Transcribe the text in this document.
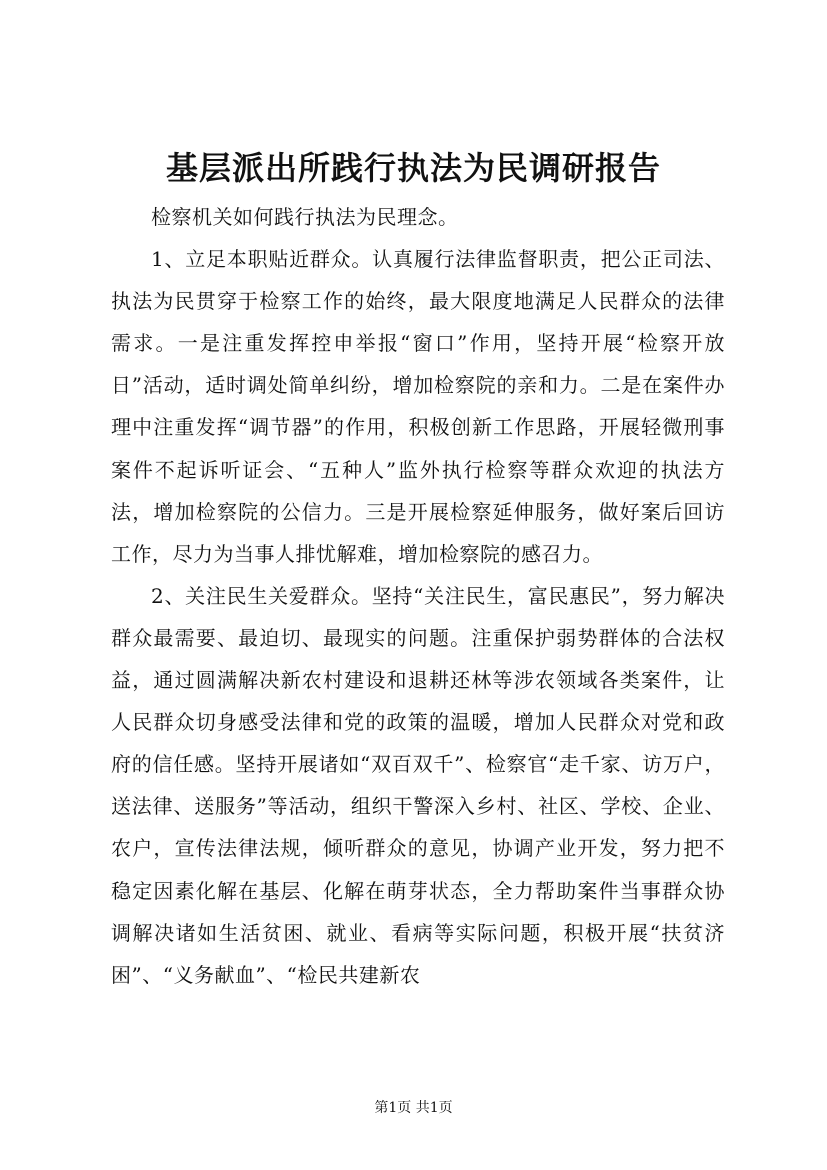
基层派出所践行执法为民调研报告

检察机关如何践行执法为民理念。

1、立足本职贴近群众。认真履行法律监督职责，把公正司法、执法为民贯穿于检察工作的始终，最大限度地满足人民群众的法律需求。一是注重发挥控申举报“窗口”作用，坚持开展“检察开放日”活动，适时调处简单纠纷，增加检察院的亲和力。二是在案件办理中注重发挥“调节器”的作用，积极创新工作思路，开展轻微刑事案件不起诉听证会、“五种人”监外执行检察等群众欢迎的执法方法，增加检察院的公信力。三是开展检察延伸服务，做好案后回访工作，尽力为当事人排忧解难，增加检察院的感召力。

2、关注民生关爱群众。坚持“关注民生，富民惠民”，努力解决群众最需要、最迫切、最现实的问题。注重保护弱势群体的合法权益，通过圆满解决新农村建设和退耕还林等涉农领域各类案件，让人民群众切身感受法律和党的政策的温暖，增加人民群众对党和政府的信任感。坚持开展诸如“双百双千”、检察官“走千家、访万户，送法律、送服务”等活动，组织干警深入乡村、社区、学校、企业、农户，宣传法律法规，倾听群众的意见，协调产业开发，努力把不稳定因素化解在基层、化解在萌芽状态，全力帮助案件当事群众协调解决诸如生活贫困、就业、看病等实际问题，积极开展“扶贫济困”、“义务献血”、“检民共建新农

第1页 共1页
